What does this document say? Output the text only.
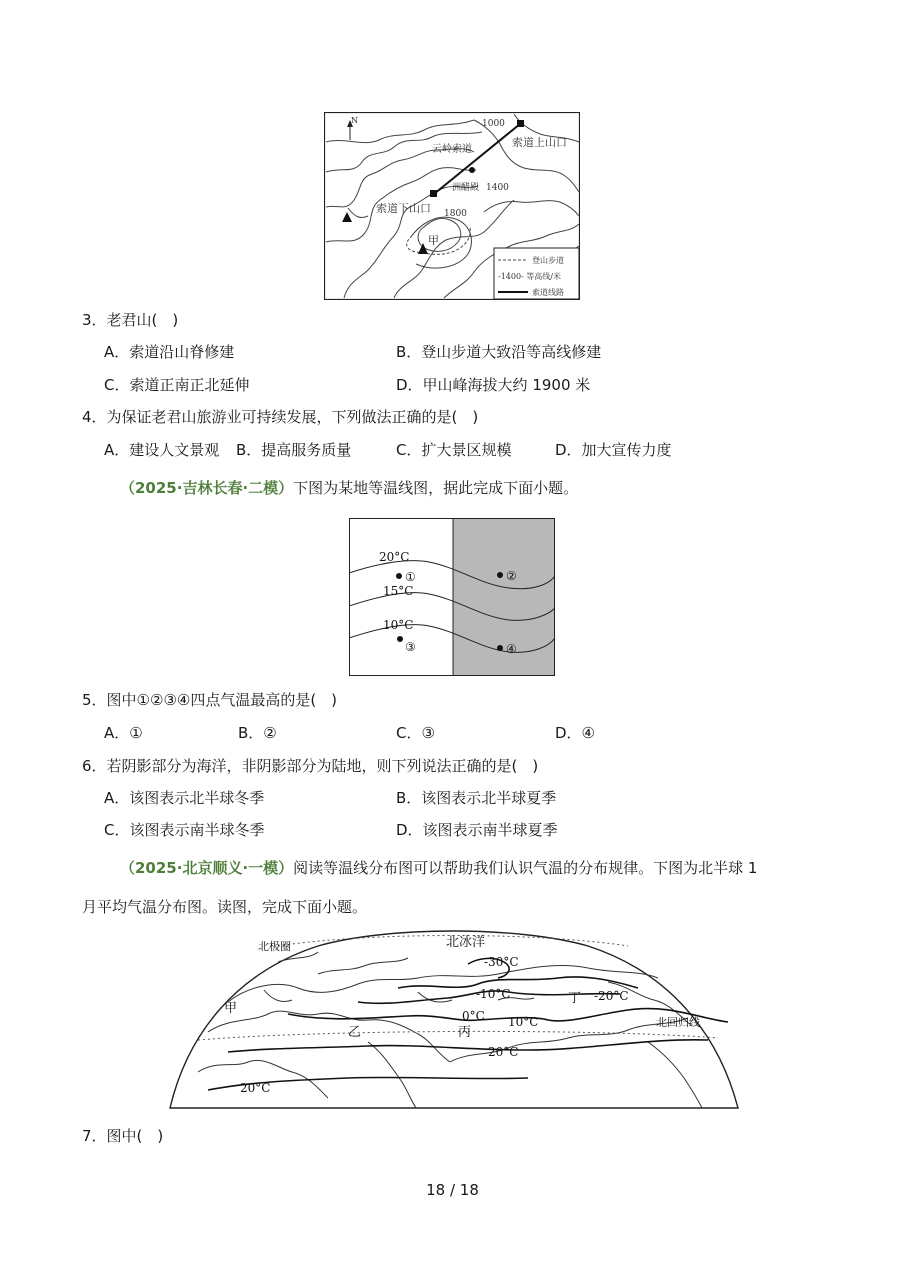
N	1000
索道上山口
云岭索道
洲醋殿 1400
索道下山口 1800
甲
登山步道
-1400- 等高线/米
索道线路
3．老君山(　)
A．索道沿山脊修建	B．登山步道大致沿等高线修建
C．索道正南正北延伸	D．甲山峰海拔大约 1900 米
4．为保证老君山旅游业可持续发展，下列做法正确的是(　)
A．建设人文景观 B．提高服务质量	C．扩大景区规模	D．加大宣传力度
（2025·吉林长春·二模）下图为某地等温线图，据此完成下面小题。
20°C
15°C
10°C
①	②
③	④
5．图中①②③④四点气温最高的是(　)
A．①	B．②	C．③	D．④
6．若阴影部分为海洋，非阴影部分为陆地，则下列说法正确的是(　)
A．该图表示北半球冬季	B．该图表示北半球夏季
C．该图表示南半球冬季	D．该图表示南半球夏季
（2025·北京顺义·一模）阅读等温线分布图可以帮助我们认识气温的分布规律。下图为北半球 1
月平均气温分布图。读图，完成下面小题。
北冰洋
北极圈
北回归线
-30°C
-20°C
-10°C
0°C 10°C
20°C
20°C
甲
乙	丙
丁
7．图中(　)
18 / 18
